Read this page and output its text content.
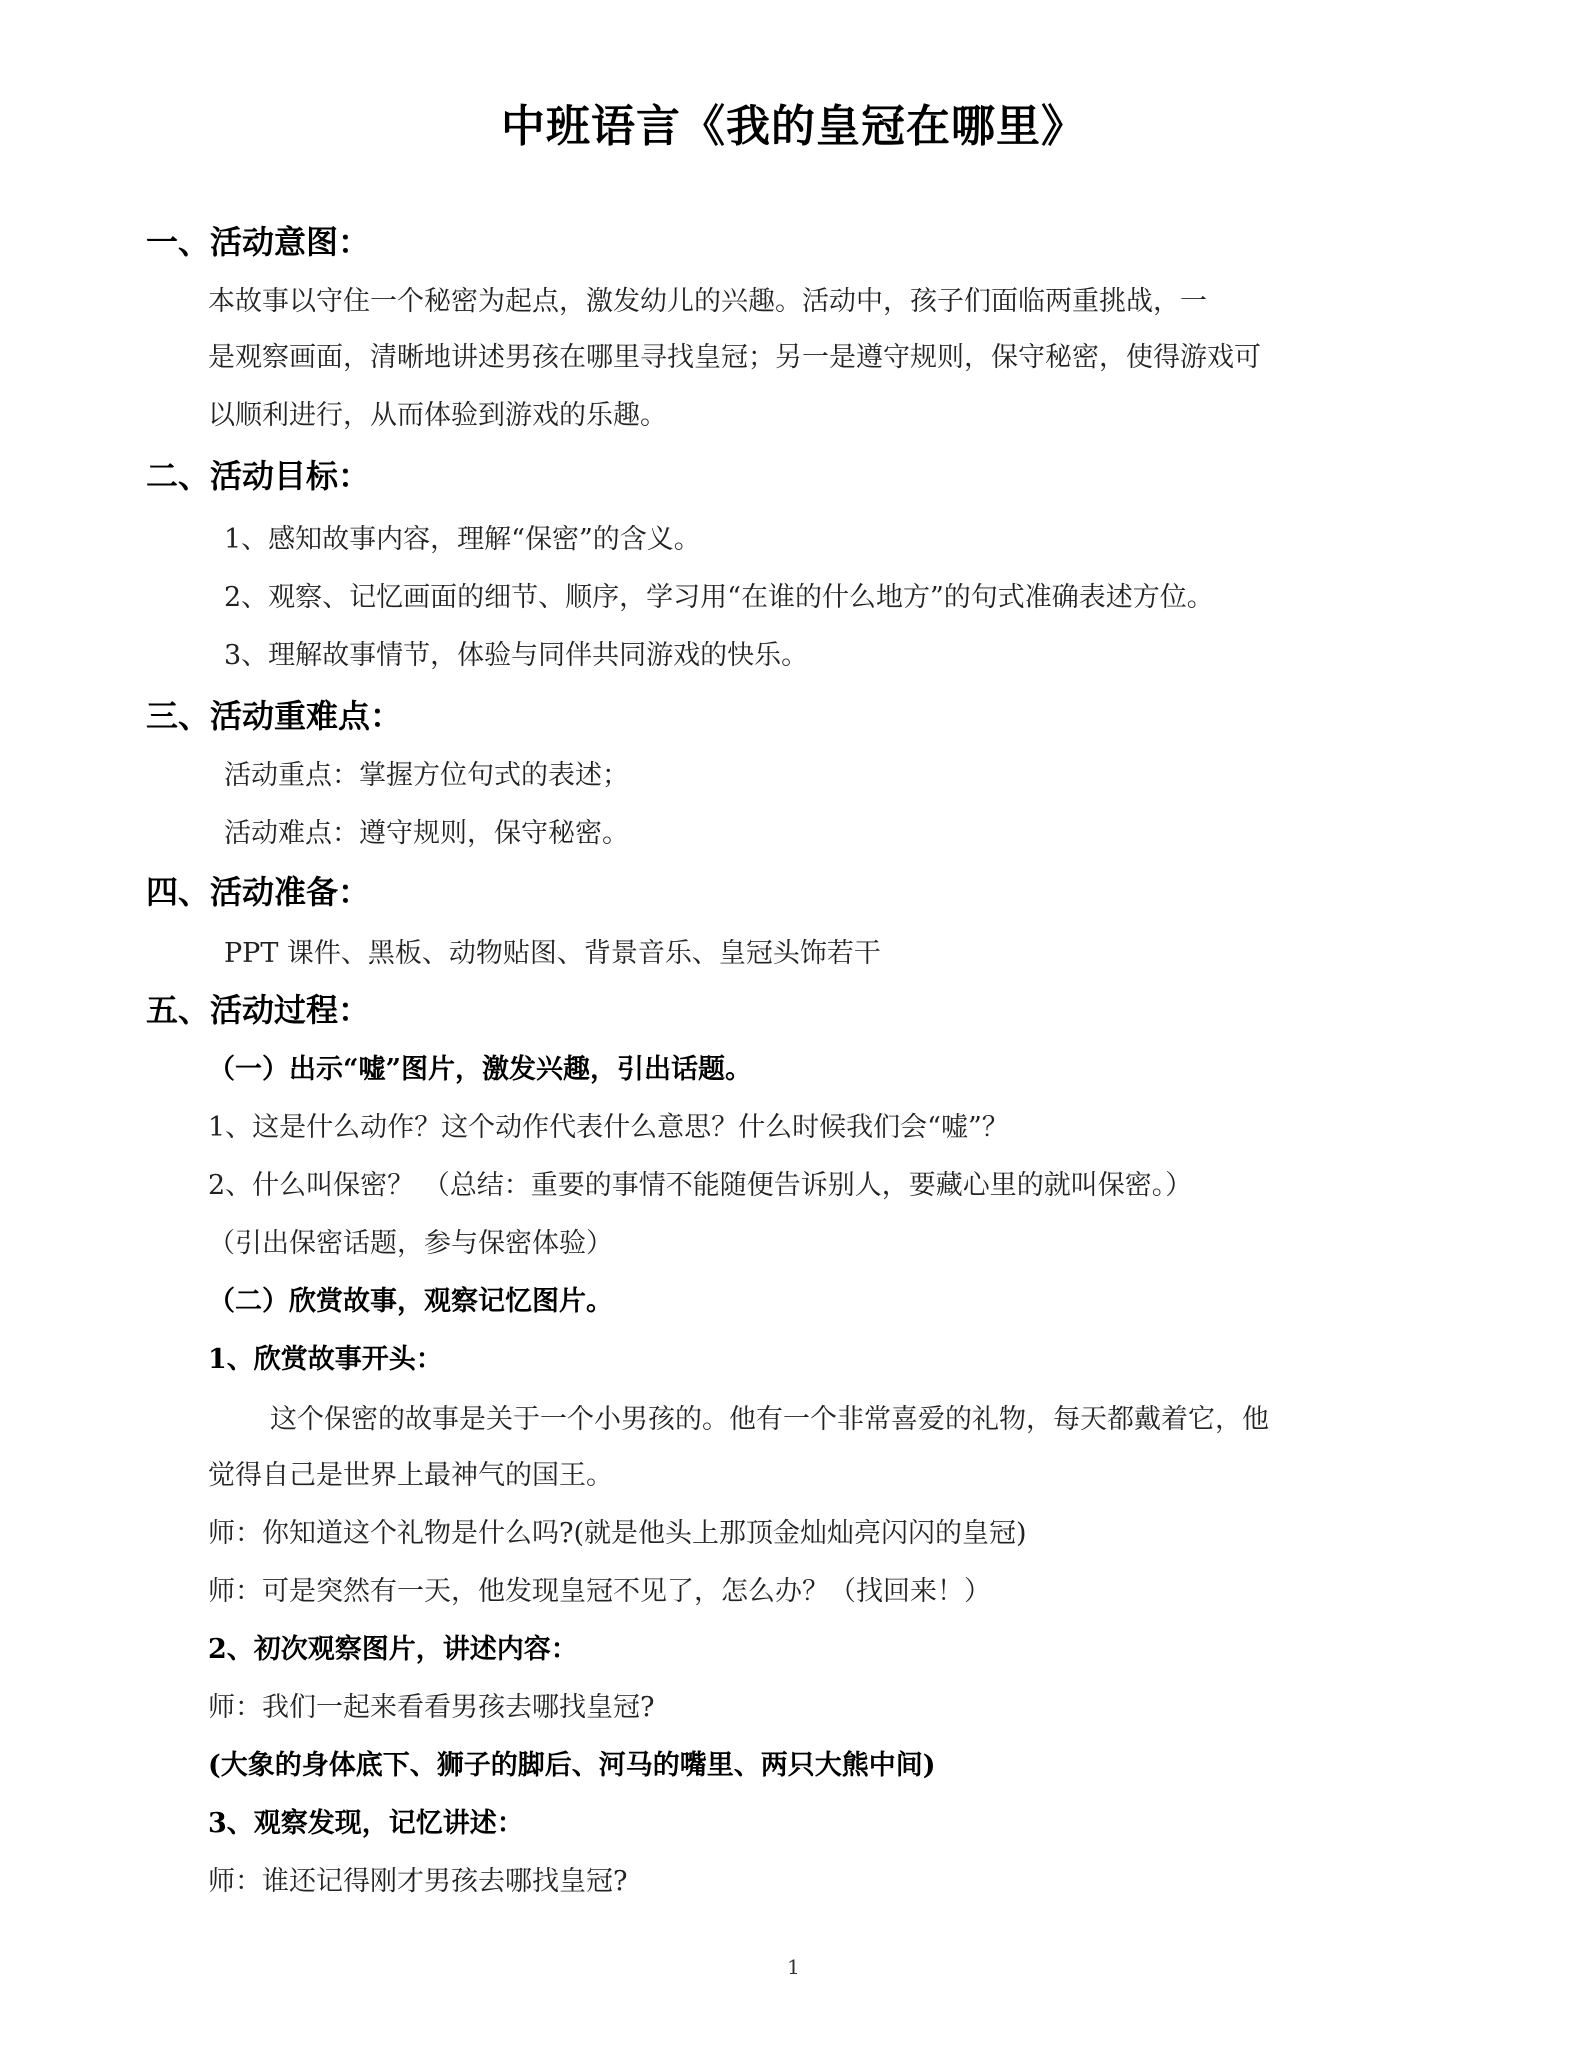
中班语言《我的皇冠在哪里》
一、活动意图：
本故事以守住一个秘密为起点，激发幼儿的兴趣。活动中，孩子们面临两重挑战，一
是观察画面，清晰地讲述男孩在哪里寻找皇冠；另一是遵守规则，保守秘密，使得游戏可
以顺利进行，从而体验到游戏的乐趣。
二、活动目标：
1、感知故事内容，理解“保密”的含义。
2、观察、记忆画面的细节、顺序，学习用“在谁的什么地方”的句式准确表述方位。
3、理解故事情节，体验与同伴共同游戏的快乐。
三、活动重难点：
活动重点：掌握方位句式的表述；
活动难点：遵守规则，保守秘密。
四、活动准备：
PPT 课件、黑板、动物贴图、背景音乐、皇冠头饰若干
五、活动过程：
（一）出示“嘘”图片，激发兴趣，引出话题。
1、这是什么动作？这个动作代表什么意思？什么时候我们会“嘘”？
2、什么叫保密？ （总结：重要的事情不能随便告诉别人，要藏心里的就叫保密。）
（引出保密话题，参与保密体验）
（二）欣赏故事，观察记忆图片。
1、欣赏故事开头：
这个保密的故事是关于一个小男孩的。他有一个非常喜爱的礼物，每天都戴着它，他
觉得自己是世界上最神气的国王。
师：你知道这个礼物是什么吗?(就是他头上那顶金灿灿亮闪闪的皇冠)
师：可是突然有一天，他发现皇冠不见了，怎么办？（找回来！）
2、初次观察图片，讲述内容：
师：我们一起来看看男孩去哪找皇冠?
(大象的身体底下、狮子的脚后、河马的嘴里、两只大熊中间)
3、观察发现，记忆讲述：
师：谁还记得刚才男孩去哪找皇冠?
1
